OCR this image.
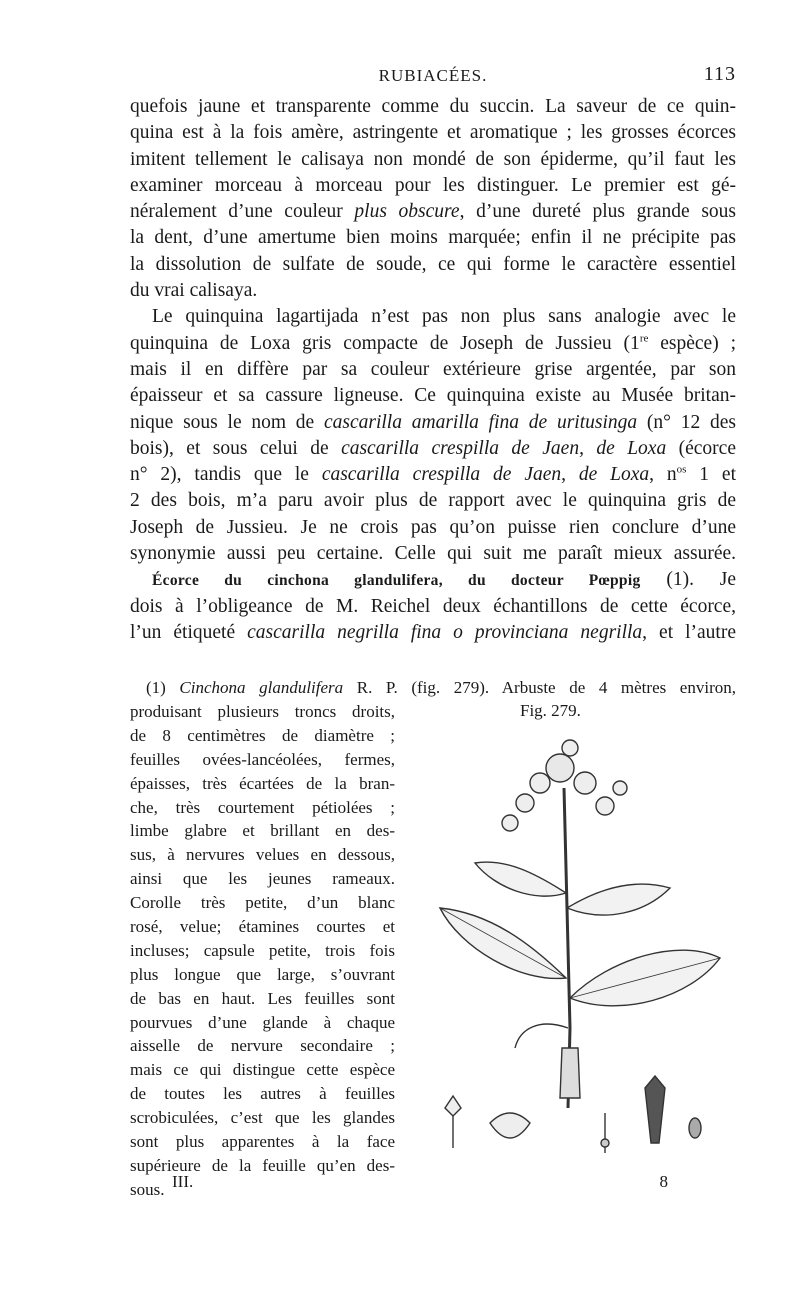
RUBIACÉES.	113
quefois jaune et transparente comme du succin. La saveur de ce quin-
quina est à la fois amère, astringente et aromatique ; les grosses écorces
imitent tellement le calisaya non mondé de son épiderme, qu’il faut les
examiner morceau à morceau pour les distinguer. Le premier est gé-
néralement d’une couleur plus obscure, d’une dureté plus grande sous
la dent, d’une amertume bien moins marquée; enfin il ne précipite pas
la dissolution de sulfate de soude, ce qui forme le caractère essentiel
du vrai calisaya.
Le quinquina lagartijada n’est pas non plus sans analogie avec le
quinquina de Loxa gris compacte de Joseph de Jussieu (1re espèce) ;
mais il en diffère par sa couleur extérieure grise argentée, par son
épaisseur et sa cassure ligneuse. Ce quinquina existe au Musée britan-
nique sous le nom de cascarilla amarilla fina de uritusinga (n° 12 des
bois), et sous celui de cascarilla crespilla de Jaen, de Loxa (écorce
n° 2), tandis que le cascarilla crespilla de Jaen, de Loxa, $n^{os}$ 1 et
2 des bois, m’a paru avoir plus de rapport avec le quinquina gris de
Joseph de Jussieu. Je ne crois pas qu’on puisse rien conclure d’une
synonymie aussi peu certaine. Celle qui suit me paraît mieux assurée.
Écorce du cinchona glandulifera, du docteur Pœppig (1). Je
dois à l’obligeance de M. Reichel deux échantillons de cette écorce,
l’un étiqueté cascarilla negrilla fina o provinciana negrilla, et l’autre
(1) Cinchona glandulifera R. P. (fig. 279). Arbuste de 4 mètres environ,
produisant plusieurs troncs droits,
de 8 centimètres de diamètre ;
feuilles ovées-lancéolées, fermes,
épaisses, très écartées de la bran-
che, très courtement pétiolées ;
limbe glabre et brillant en des-
sus, à nervures velues en dessous,
ainsi que les jeunes rameaux.
Corolle très petite, d’un blanc
rosé, velue; étamines courtes et
incluses; capsule petite, trois fois
plus longue que large, s’ouvrant
de bas en haut. Les feuilles sont
pourvues d’une glande à chaque
aisselle de nervure secondaire ;
mais ce qui distingue cette espèce
de toutes les autres à feuilles
scrobiculées, c’est que les glandes
sont plus apparentes à la face
supérieure de la feuille qu’en des-
sous.
Fig. 279.
III.	8
